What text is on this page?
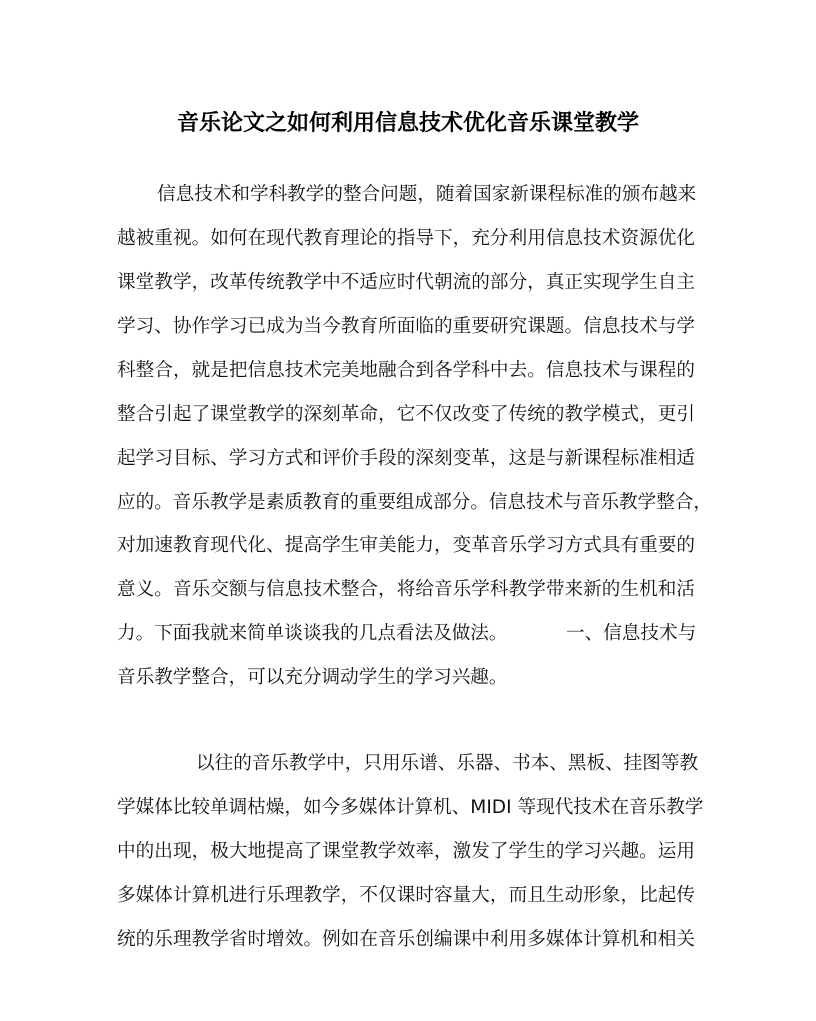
音乐论文之如何利用信息技术优化音乐课堂教学
信息技术和学科教学的整合问题，随着国家新课程标准的颁布越来
越被重视。如何在现代教育理论的指导下，充分利用信息技术资源优化
课堂教学，改革传统教学中不适应时代朝流的部分，真正实现学生自主
学习、协作学习已成为当今教育所面临的重要研究课题。信息技术与学
科整合，就是把信息技术完美地融合到各学科中去。信息技术与课程的
整合引起了课堂教学的深刻革命，它不仅改变了传统的教学模式，更引
起学习目标、学习方式和评价手段的深刻变革，这是与新课程标准相适
应的。音乐教学是素质教育的重要组成部分。信息技术与音乐教学整合，
对加速教育现代化、提高学生审美能力，变革音乐学习方式具有重要的
意义。音乐交额与信息技术整合，将给音乐学科教学带来新的生机和活
力。下面我就来简单谈谈我的几点看法及做法。	一、信息技术与
音乐教学整合，可以充分调动学生的学习兴趣。
以往的音乐教学中，只用乐谱、乐器、书本、黑板、挂图等教
学媒体比较单调枯燥，如今多媒体计算机、MIDI 等现代技术在音乐教学
中的出现，极大地提高了课堂教学效率，激发了学生的学习兴趣。运用
多媒体计算机进行乐理教学，不仅课时容量大，而且生动形象，比起传
统的乐理教学省时增效。例如在音乐创编课中利用多媒体计算机和相关
